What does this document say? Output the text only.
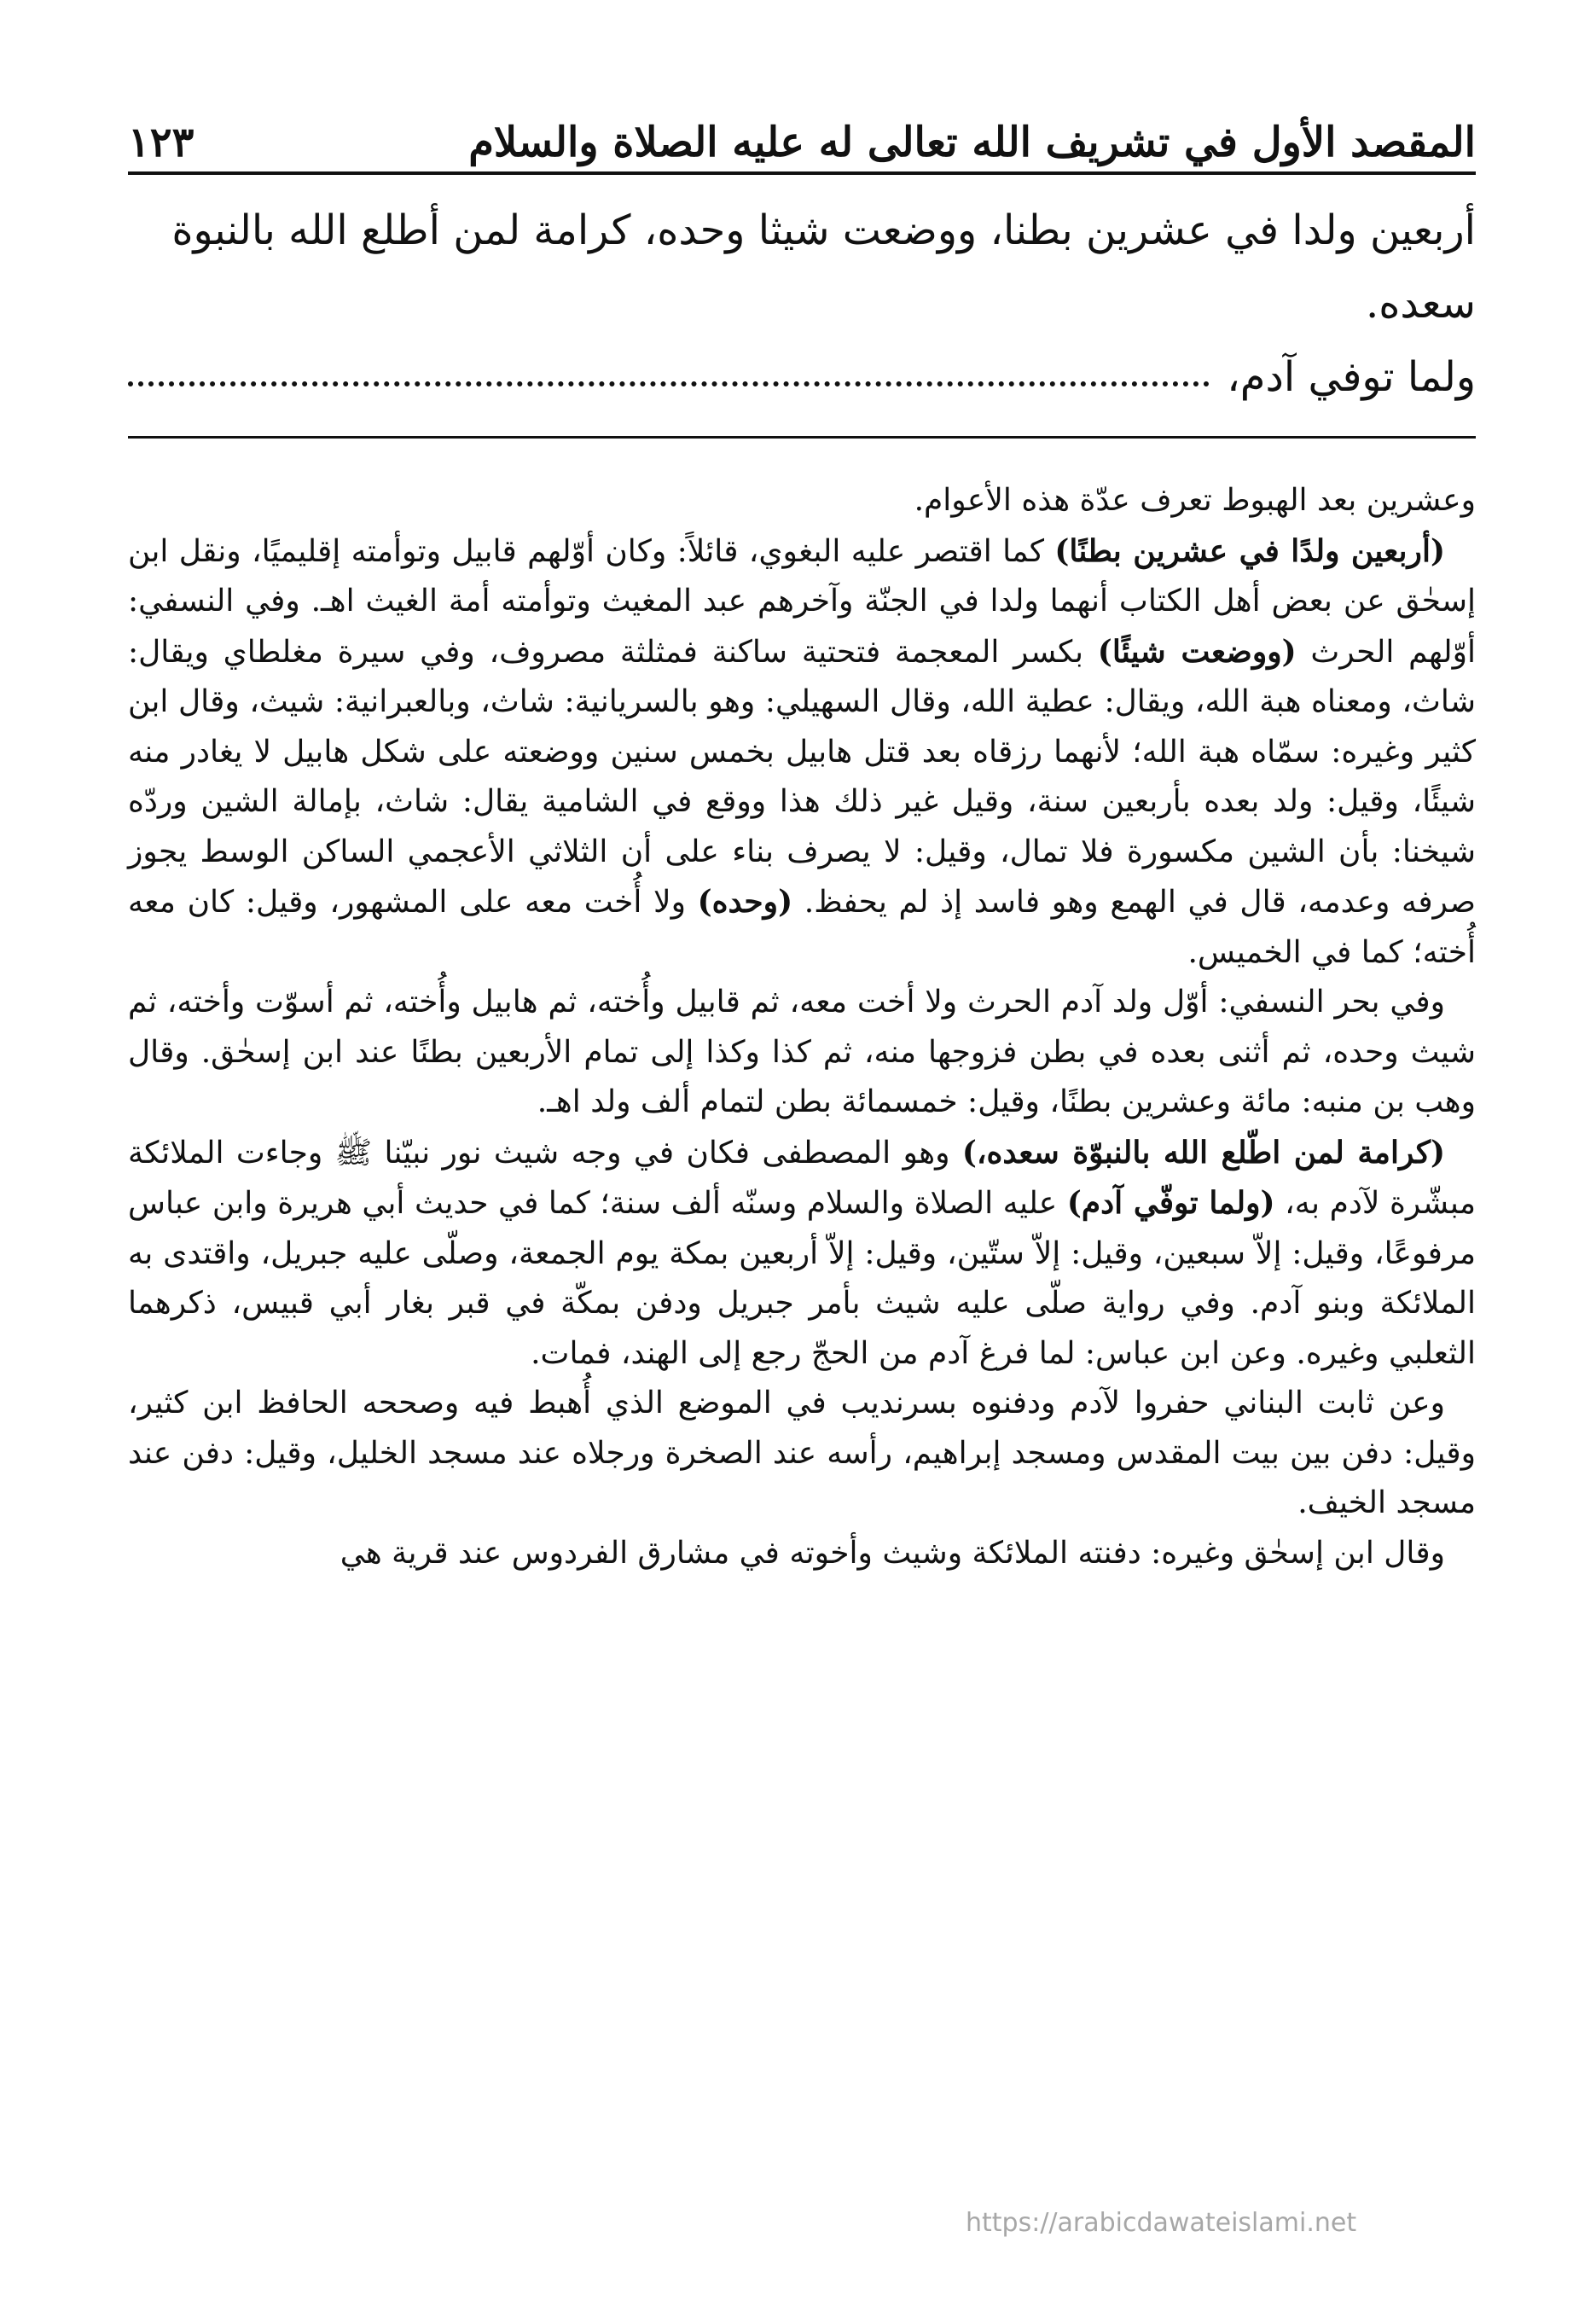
المقصد الأول في تشريف الله تعالى له عليه الصلاة والسلام
١٢٣

أربعين ولدا في عشرين بطنا، ووضعت شيثا وحده، كرامة لمن أطلع الله بالنبوة

سعده.

ولما توفي آدم،

وعشرين بعد الهبوط تعرف عدّة هذه الأعوام.

(أربعين ولدًا في عشرين بطنًا) كما اقتصر عليه البغوي، قائلاً: وكان أوّلهم قابيل وتوأمته إقليميًا، ونقل ابن إسحٰق عن بعض أهل الكتاب أنهما ولدا في الجنّة وآخرهم عبد المغيث وتوأمته أمة الغيث اهـ. وفي النسفي: أوّلهم الحرث (ووضعت شيئًا) بكسر المعجمة فتحتية ساكنة فمثلثة مصروف، وفي سيرة مغلطاي ويقال: شاث، ومعناه هبة الله، ويقال: عطية الله، وقال السهيلي: وهو بالسريانية: شاث، وبالعبرانية: شيث، وقال ابن كثير وغيره: سمّاه هبة الله؛ لأنهما رزقاه بعد قتل هابيل بخمس سنين ووضعته على شكل هابيل لا يغادر منه شيئًا، وقيل: ولد بعده بأربعين سنة، وقيل غير ذلك هذا ووقع في الشامية يقال: شاث، بإمالة الشين وردّه شيخنا: بأن الشين مكسورة فلا تمال، وقيل: لا يصرف بناء على أن الثلاثي الأعجمي الساكن الوسط يجوز صرفه وعدمه، قال في الهمع وهو فاسد إذ لم يحفظ. (وحده) ولا أُخت معه على المشهور، وقيل: كان معه أُخته؛ كما في الخميس.

وفي بحر النسفي: أوّل ولد آدم الحرث ولا أخت معه، ثم قابيل وأُخته، ثم هابيل وأُخته، ثم أسوّت وأخته، ثم شيث وحده، ثم أثنى بعده في بطن فزوجها منه، ثم كذا وكذا إلى تمام الأربعين بطنًا عند ابن إسحٰق. وقال وهب بن منبه: مائة وعشرين بطنًا، وقيل: خمسمائة بطن لتمام ألف ولد اهـ.

(كرامة لمن اطّلع الله بالنبوّة سعده،) وهو المصطفى فكان في وجه شيث نور نبيّنا ﷺ وجاءت الملائكة مبشّرة لآدم به، (ولما توفّي آدم) عليه الصلاة والسلام وسنّه ألف سنة؛ كما في حديث أبي هريرة وابن عباس مرفوعًا، وقيل: إلاّ سبعين، وقيل: إلاّ ستّين، وقيل: إلاّ أربعين بمكة يوم الجمعة، وصلّى عليه جبريل، واقتدى به الملائكة وبنو آدم. وفي رواية صلّى عليه شيث بأمر جبريل ودفن بمكّة في قبر بغار أبي قبيس، ذكرهما الثعلبي وغيره. وعن ابن عباس: لما فرغ آدم من الحجّ رجع إلى الهند، فمات.

وعن ثابت البناني حفروا لآدم ودفنوه بسرنديب في الموضع الذي أُهبط فيه وصححه الحافظ ابن كثير، وقيل: دفن بين بيت المقدس ومسجد إبراهيم، رأسه عند الصخرة ورجلاه عند مسجد الخليل، وقيل: دفن عند مسجد الخيف.

وقال ابن إسحٰق وغيره: دفنته الملائكة وشيث وأخوته في مشارق الفردوس عند قرية هي

https://arabicdawateislami.net
